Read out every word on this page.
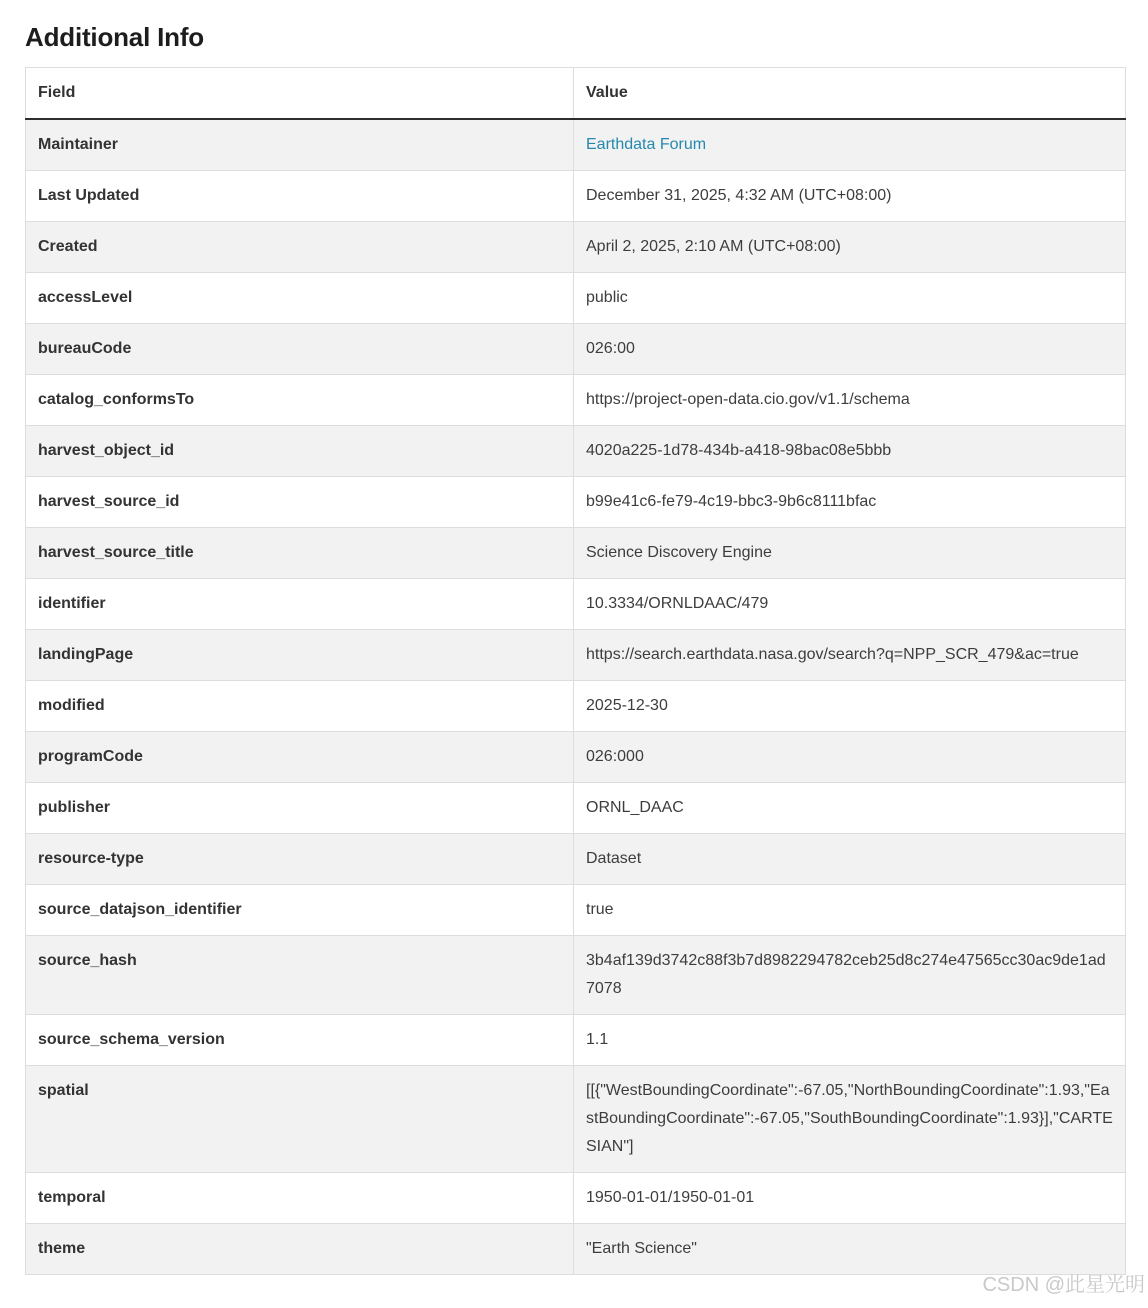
Additional Info
Field	Value
Maintainer	Earthdata Forum
Last Updated	December 31, 2025, 4:32 AM (UTC+08:00)
Created	April 2, 2025, 2:10 AM (UTC+08:00)
accessLevel	public
bureauCode	026:00
catalog_conformsTo	https://project-open-data.cio.gov/v1.1/schema
harvest_object_id	4020a225-1d78-434b-a418-98bac08e5bbb
harvest_source_id	b99e41c6-fe79-4c19-bbc3-9b6c8111bfac
harvest_source_title	Science Discovery Engine
identifier	10.3334/ORNLDAAC/479
landingPage	https://search.earthdata.nasa.gov/search?q=NPP_SCR_479&ac=true
modified	2025-12-30
programCode	026:000
publisher	ORNL_DAAC
resource-type	Dataset
source_datajson_identifier	true
source_hash	3b4af139d3742c88f3b7d8982294782ceb25d8c274e47565cc30ac9de1ad7078
source_schema_version	1.1
spatial	[[{"WestBoundingCoordinate":-67.05,"NorthBoundingCoordinate":1.93,"EastBoundingCoordinate":-67.05,"SouthBoundingCoordinate":1.93}],"CARTESIAN"]
temporal	1950-01-01/1950-01-01
theme	"Earth Science"
CSDN @此星光明
